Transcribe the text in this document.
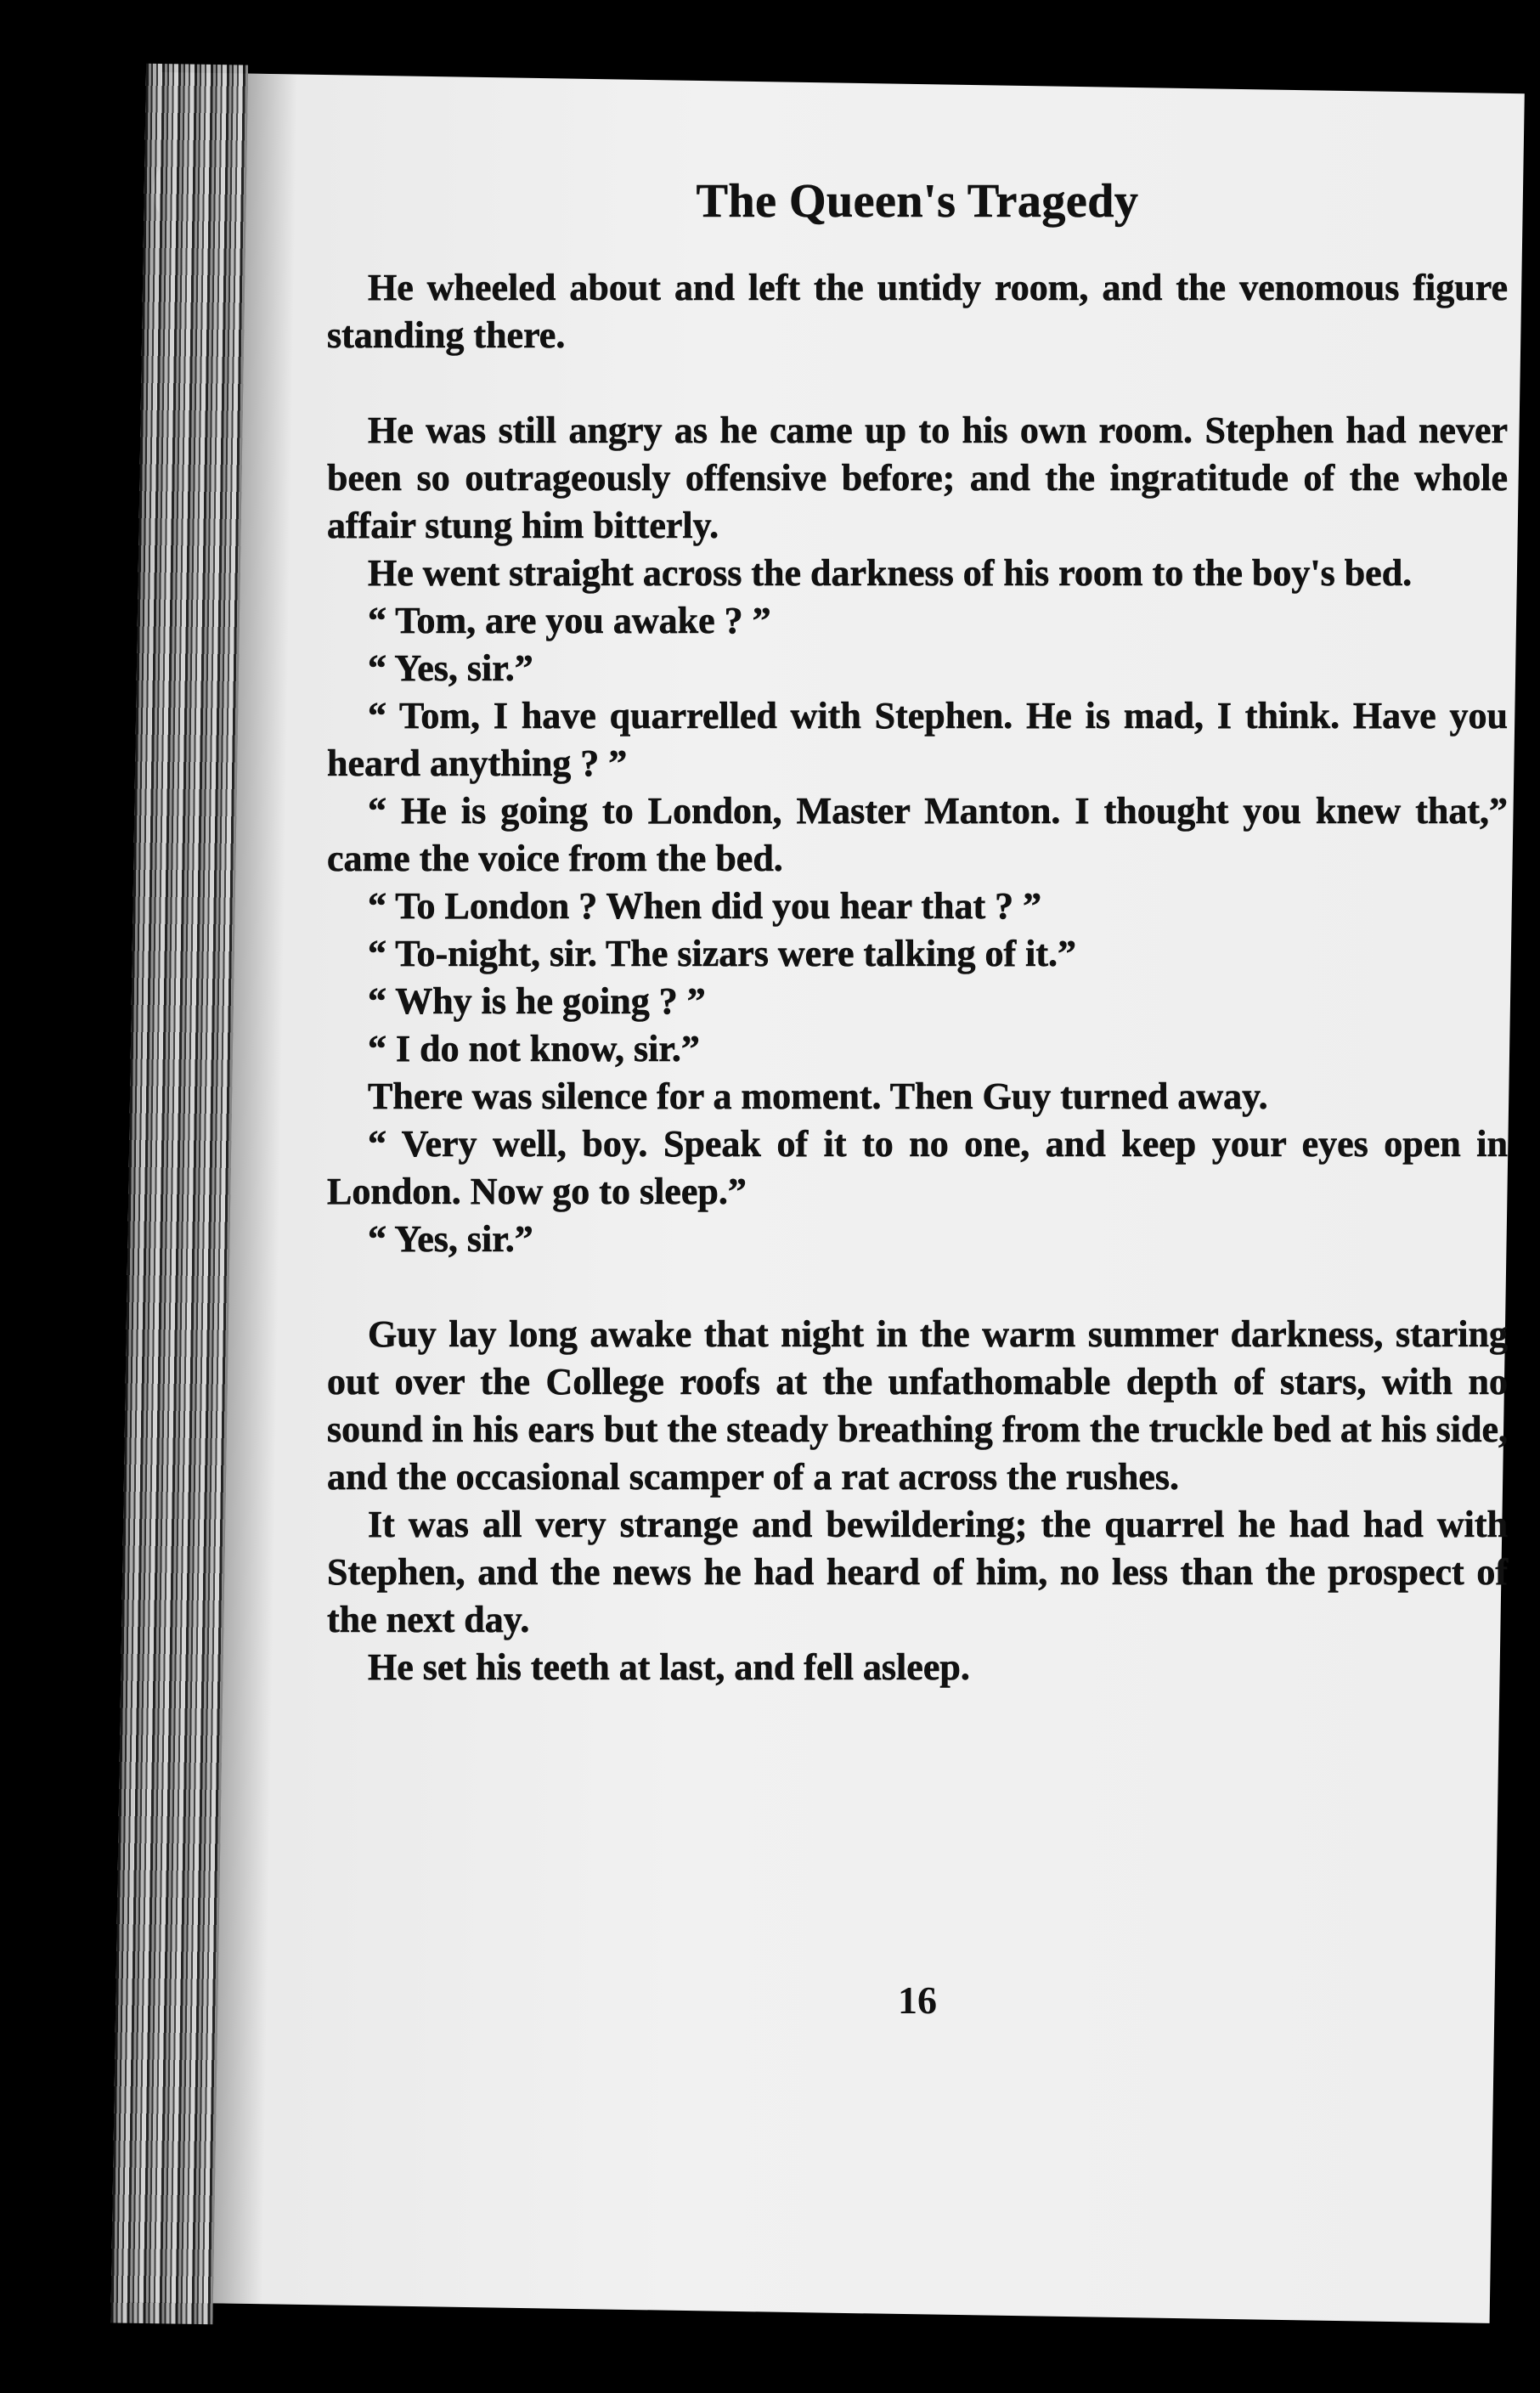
The Queen's Tragedy

He wheeled about and left the untidy room, and the venomous figure standing there.

He was still angry as he came up to his own room. Stephen had never been so outrageously offensive before; and the ingratitude of the whole affair stung him bitterly.

He went straight across the darkness of his room to the boy's bed.

“ Tom, are you awake ? ”

“ Yes, sir.”

“ Tom, I have quarrelled with Stephen. He is mad, I think. Have you heard anything ? ”

“ He is going to London, Master Manton. I thought you knew that,” came the voice from the bed.

“ To London ? When did you hear that ? ”

“ To-night, sir. The sizars were talking of it.”

“ Why is he going ? ”

“ I do not know, sir.”

There was silence for a moment. Then Guy turned away.

“ Very well, boy. Speak of it to no one, and keep your eyes open in London. Now go to sleep.”

“ Yes, sir.”

Guy lay long awake that night in the warm summer darkness, staring out over the College roofs at the unfathomable depth of stars, with no sound in his ears but the steady breathing from the truckle bed at his side, and the occasional scamper of a rat across the rushes.

It was all very strange and bewildering; the quarrel he had had with Stephen, and the news he had heard of him, no less than the prospect of the next day.

He set his teeth at last, and fell asleep.

16
